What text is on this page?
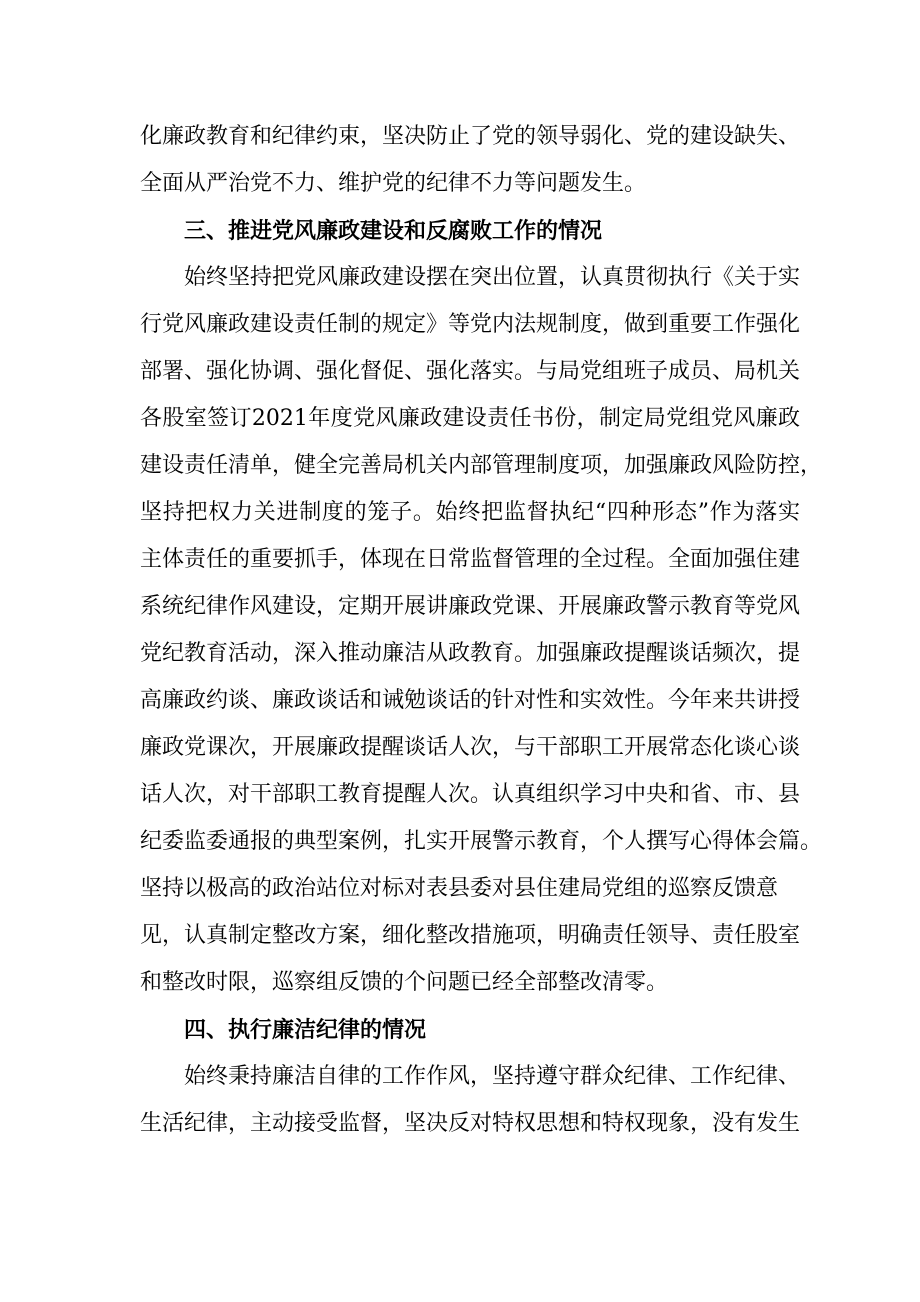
化廉政教育和纪律约束，坚决防止了党的领导弱化、党的建设缺失、
全面从严治党不力、维护党的纪律不力等问题发生。
三、推进党风廉政建设和反腐败工作的情况
始终坚持把党风廉政建设摆在突出位置，认真贯彻执行《关于实
行党风廉政建设责任制的规定》等党内法规制度，做到重要工作强化
部署、强化协调、强化督促、强化落实。与局党组班子成员、局机关
各股室签订2021年度党风廉政建设责任书份，制定局党组党风廉政
建设责任清单，健全完善局机关内部管理制度项，加强廉政风险防控，
坚持把权力关进制度的笼子。始终把监督执纪“四种形态”作为落实
主体责任的重要抓手，体现在日常监督管理的全过程。全面加强住建
系统纪律作风建设，定期开展讲廉政党课、开展廉政警示教育等党风
党纪教育活动，深入推动廉洁从政教育。加强廉政提醒谈话频次，提
高廉政约谈、廉政谈话和诫勉谈话的针对性和实效性。今年来共讲授
廉政党课次，开展廉政提醒谈话人次，与干部职工开展常态化谈心谈
话人次，对干部职工教育提醒人次。认真组织学习中央和省、市、县
纪委监委通报的典型案例，扎实开展警示教育，个人撰写心得体会篇。
坚持以极高的政治站位对标对表县委对县住建局党组的巡察反馈意
见，认真制定整改方案，细化整改措施项，明确责任领导、责任股室
和整改时限，巡察组反馈的个问题已经全部整改清零。
四、执行廉洁纪律的情况
始终秉持廉洁自律的工作作风，坚持遵守群众纪律、工作纪律、
生活纪律，主动接受监督，坚决反对特权思想和特权现象，没有发生
